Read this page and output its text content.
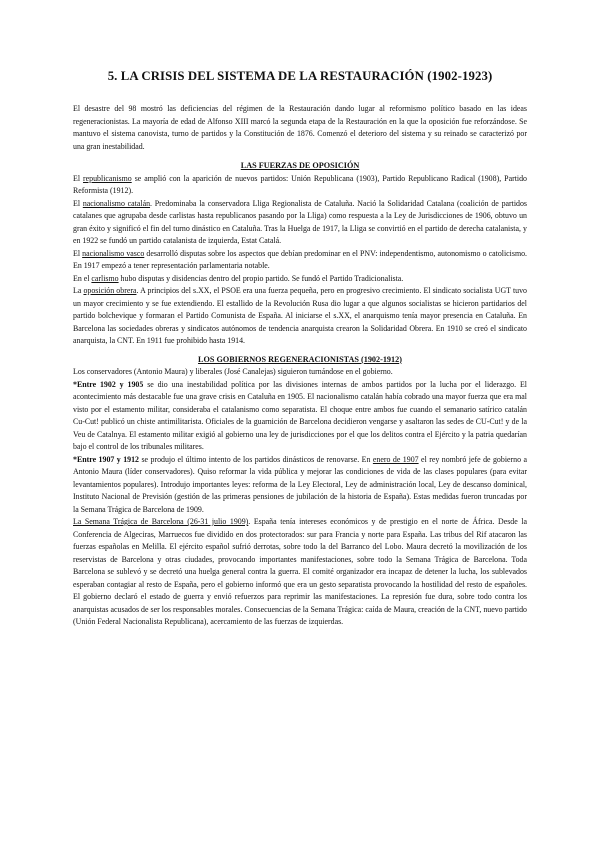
5. LA CRISIS DEL SISTEMA DE LA RESTAURACIÓN (1902-1923)

El desastre del 98 mostró las deficiencias del régimen de la Restauración dando lugar al reformismo político basado en las ideas regeneracionistas. La mayoría de edad de Alfonso XIII marcó la segunda etapa de la Restauración en la que la oposición fue reforzándose. Se mantuvo el sistema canovista, turno de partidos y la Constitución de 1876. Comenzó el deterioro del sistema y su reinado se caracterizó por una gran inestabilidad.

LAS FUERZAS DE OPOSICIÓN

El republicanismo se amplió con la aparición de nuevos partidos: Unión Republicana (1903), Partido Republicano Radical (1908), Partido Reformista (1912).

El nacionalismo catalán. Predominaba la conservadora Lliga Regionalista de Cataluña. Nació la Solidaridad Catalana (coalición de partidos catalanes que agrupaba desde carlistas hasta republicanos pasando por la Lliga) como respuesta a la Ley de Jurisdicciones de 1906, obtuvo un gran éxito y significó el fin del turno dinástico en Cataluña. Tras la Huelga de 1917, la Lliga se convirtió en el partido de derecha catalanista, y en 1922 se fundó un partido catalanista de izquierda, Estat Catalá.

El nacionalismo vasco desarrolló disputas sobre los aspectos que debían predominar en el PNV: independentismo, autonomismo o catolicismo. En 1917 empezó a tener representación parlamentaria notable.

En el carlismo hubo disputas y disidencias dentro del propio partido. Se fundó el Partido Tradicionalista.

La oposición obrera. A principios del s.XX, el PSOE era una fuerza pequeña, pero en progresivo crecimiento. El sindicato socialista UGT tuvo un mayor crecimiento y se fue extendiendo. El estallido de la Revolución Rusa dio lugar a que algunos socialistas se hicieron partidarios del partido bolchevique y formaran el Partido Comunista de España. Al iniciarse el s.XX, el anarquismo tenía mayor presencia en Cataluña. En Barcelona las sociedades obreras y sindicatos autónomos de tendencia anarquista crearon la Solidaridad Obrera. En 1910 se creó el sindicato anarquista, la CNT. En 1911 fue prohibido hasta 1914.

LOS GOBIERNOS REGENERACIONISTAS (1902-1912)

Los conservadores (Antonio Maura) y liberales (José Canalejas) siguieron turnándose en el gobierno.

*Entre 1902 y 1905 se dio una inestabilidad política por las divisiones internas de ambos partidos por la lucha por el liderazgo. El acontecimiento más destacable fue una grave crisis en Cataluña en 1905. El nacionalismo catalán había cobrado una mayor fuerza que era mal visto por el estamento militar, consideraba el catalanismo como separatista. El choque entre ambos fue cuando el semanario satírico catalán Cu-Cut! publicó un chiste antimilitarista. Oficiales de la guarnición de Barcelona decidieron vengarse y asaltaron las sedes de CU-Cut! y de la Veu de Catalnya. El estamento militar exigió al gobierno una ley de jurisdicciones por el que los delitos contra el Ejército y la patria quedarían bajo el control de los tribunales militares.

*Entre 1907 y 1912 se produjo el último intento de los partidos dinásticos de renovarse. En enero de 1907 el rey nombró jefe de gobierno a Antonio Maura (líder conservadores). Quiso reformar la vida pública y mejorar las condiciones de vida de las clases populares (para evitar levantamientos populares). Introdujo importantes leyes: reforma de la Ley Electoral, Ley de administración local, Ley de descanso dominical, Instituto Nacional de Previsión (gestión de las primeras pensiones de jubilación de la historia de España). Estas medidas fueron truncadas por la Semana Trágica de Barcelona de 1909.

La Semana Trágica de Barcelona (26-31 julio 1909). España tenía intereses económicos y de prestigio en el norte de África. Desde la Conferencia de Algeciras, Marruecos fue dividido en dos protectorados: sur para Francia y norte para España. Las tribus del Rif atacaron las fuerzas españolas en Melilla. El ejército español sufrió derrotas, sobre todo la del Barranco del Lobo. Maura decretó la movilización de los reservistas de Barcelona y otras ciudades, provocando importantes manifestaciones, sobre todo la Semana Trágica de Barcelona. Toda Barcelona se sublevó y se decretó una huelga general contra la guerra. El comité organizador era incapaz de detener la lucha, los sublevados esperaban contagiar al resto de España, pero el gobierno informó que era un gesto separatista provocando la hostilidad del resto de españoles. El gobierno declaró el estado de guerra y envió refuerzos para reprimir las manifestaciones. La represión fue dura, sobre todo contra los anarquistas acusados de ser los responsables morales. Consecuencias de la Semana Trágica: caída de Maura, creación de la CNT, nuevo partido (Unión Federal Nacionalista Republicana), acercamiento de las fuerzas de izquierdas.
